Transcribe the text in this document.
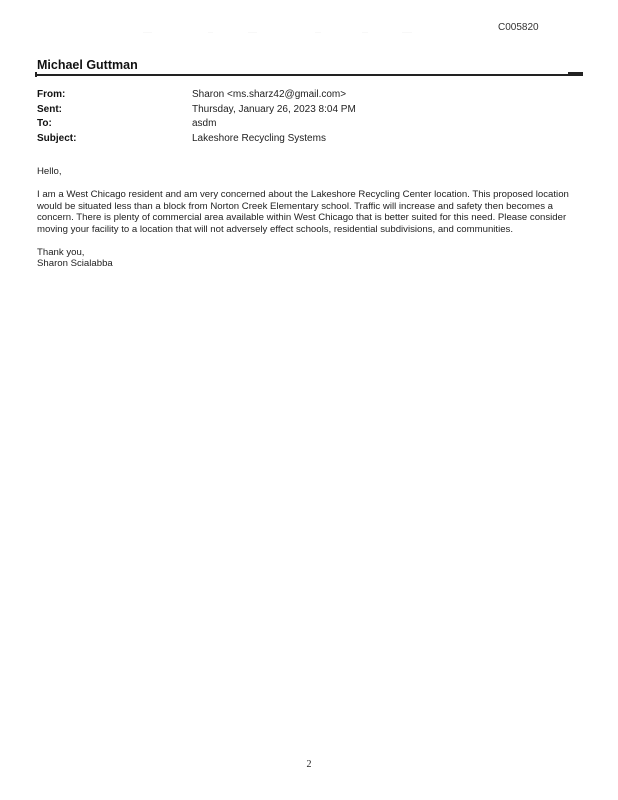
C005820
·········	·····	·········	······	······	··········
Michael Guttman
From:	Sharon <ms.sharz42@gmail.com>
Sent:	Thursday, January 26, 2023 8:04 PM
To:	asdm
Subject:	Lakeshore Recycling Systems

Hello,

I am a West Chicago resident and am very concerned about the Lakeshore Recycling Center location. This proposed location would be situated less than a block from Norton Creek Elementary school. Traffic will increase and safety then becomes a concern. There is plenty of commercial area available within West Chicago that is better suited for this need. Please consider moving your facility to a location that will not adversely effect schools, residential subdivisions, and communities.

Thank you,
Sharon Scialabba
2
